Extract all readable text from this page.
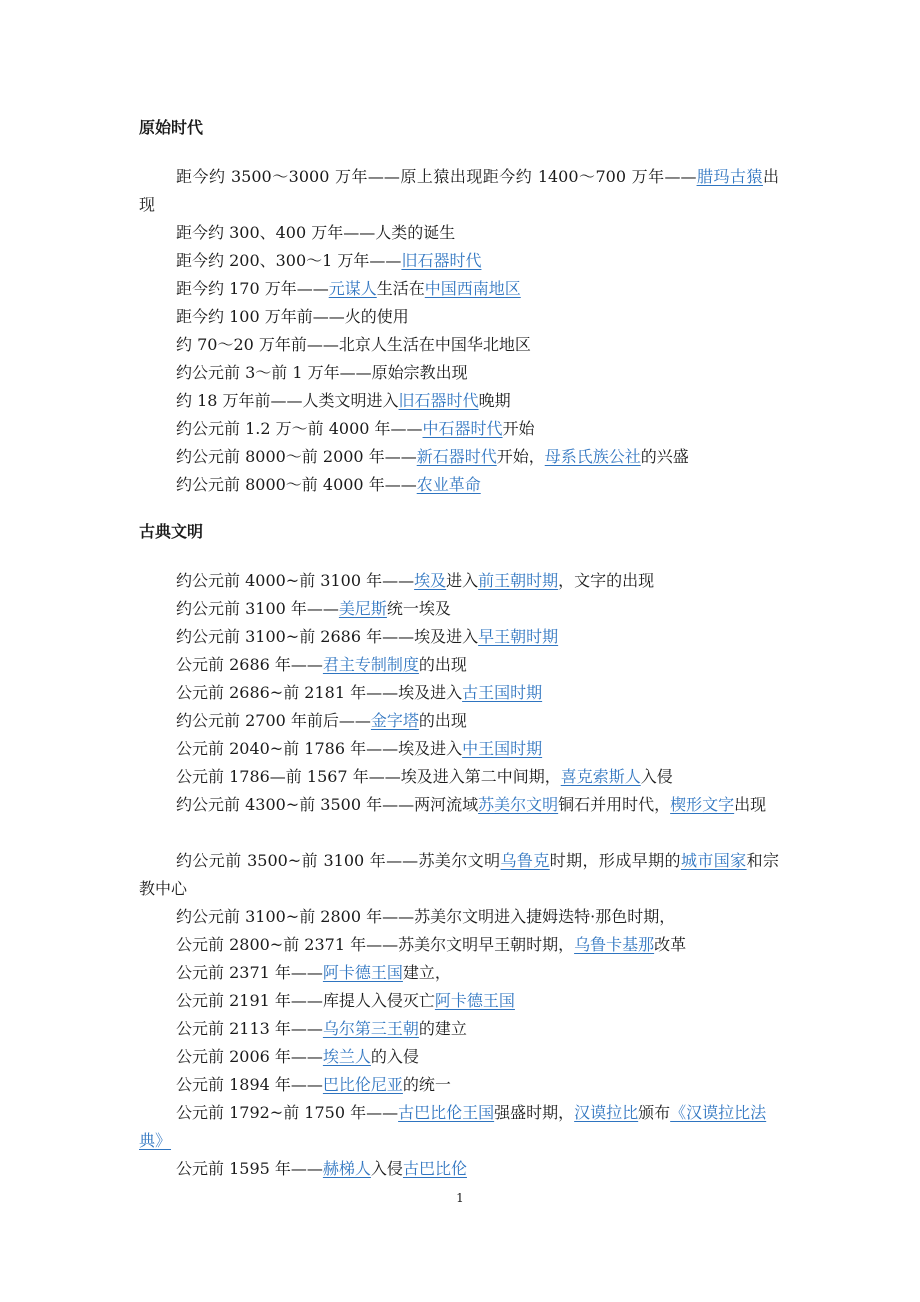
原始时代
距今约 3500～3000 万年——原上猿出现距今约 1400～700 万年——腊玛古猿出现
距今约 300、400 万年——人类的诞生
距今约 200、300～1 万年——旧石器时代
距今约 170 万年——元谋人生活在中国西南地区
距今约 100 万年前——火的使用
约 70～20 万年前——北京人生活在中国华北地区
约公元前 3～前 1 万年——原始宗教出现
约 18 万年前——人类文明进入旧石器时代晚期
约公元前 1.2 万～前 4000 年——中石器时代开始
约公元前 8000～前 2000 年——新石器时代开始，母系氏族公社的兴盛
约公元前 8000～前 4000 年——农业革命
古典文明
约公元前 4000~前 3100 年——埃及进入前王朝时期，文字的出现
约公元前 3100 年——美尼斯统一埃及
约公元前 3100~前 2686 年——埃及进入早王朝时期
公元前 2686 年——君主专制制度的出现
公元前 2686~前 2181 年——埃及进入古王国时期
约公元前 2700 年前后——金字塔的出现
公元前 2040~前 1786 年——埃及进入中王国时期
公元前 1786—前 1567 年——埃及进入第二中间期，喜克索斯人入侵
约公元前 4300~前 3500 年——两河流域苏美尔文明铜石并用时代，楔形文字出现
约公元前 3500~前 3100 年——苏美尔文明乌鲁克时期，形成早期的城市国家和宗教中心
约公元前 3100~前 2800 年——苏美尔文明进入捷姆迭特·那色时期，
公元前 2800~前 2371 年——苏美尔文明早王朝时期，乌鲁卡基那改革
公元前 2371 年——阿卡德王国建立，
公元前 2191 年——库提人入侵灭亡阿卡德王国
公元前 2113 年——乌尔第三王朝的建立
公元前 2006 年——埃兰人的入侵
公元前 1894 年——巴比伦尼亚的统一
公元前 1792~前 1750 年——古巴比伦王国强盛时期，汉谟拉比颁布《汉谟拉比法典》
公元前 1595 年——赫梯人入侵古巴比伦
1
